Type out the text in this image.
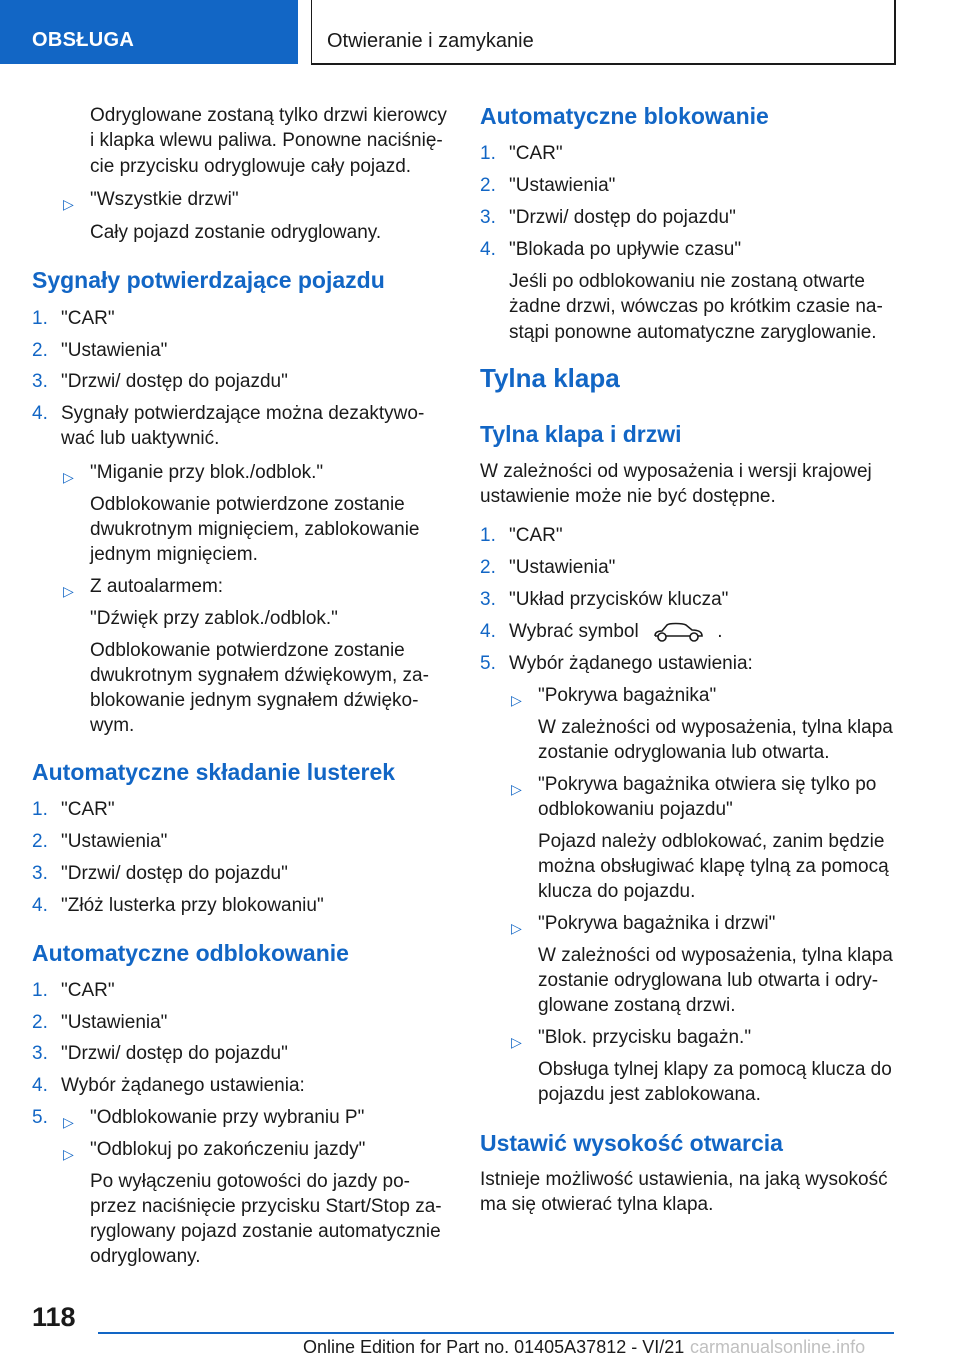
OBSŁUGA	Otwieranie i zamykanie
Odryglowane zostaną tylko drzwi kierowcy
i klapka wlewu paliwa. Ponowne naciśnię-
cie przycisku odryglowuje cały pojazd.
▷ "Wszystkie drzwi"
Cały pojazd zostanie odryglowany.
Sygnały potwierdzające pojazdu
1. "CAR"
2. "Ustawienia"
3. "Drzwi/ dostęp do pojazdu"
4. Sygnały potwierdzające można dezaktywo-
wać lub uaktywnić.
▷ "Miganie przy blok./odblok."
Odblokowanie potwierdzone zostanie
dwukrotnym mignięciem, zablokowanie
jednym mignięciem.
▷ Z autoalarmem:
"Dźwięk przy zablok./odblok."
Odblokowanie potwierdzone zostanie
dwukrotnym sygnałem dźwiękowym, za-
blokowanie jednym sygnałem dźwięko-
wym.
Automatyczne składanie lusterek
1. "CAR"
2. "Ustawienia"
3. "Drzwi/ dostęp do pojazdu"
4. "Złóż lusterka przy blokowaniu"
Automatyczne odblokowanie
1. "CAR"
2. "Ustawienia"
3. "Drzwi/ dostęp do pojazdu"
4. Wybór żądanego ustawienia:
5. ▷ "Odblokowanie przy wybraniu P"
▷ "Odblokuj po zakończeniu jazdy"
Po wyłączeniu gotowości do jazdy po-
przez naciśnięcie przycisku Start/Stop za-
ryglowany pojazd zostanie automatycznie
odryglowany.
Automatyczne blokowanie
1. "CAR"
2. "Ustawienia"
3. "Drzwi/ dostęp do pojazdu"
4. "Blokada po upływie czasu"
Jeśli po odblokowaniu nie zostaną otwarte
żadne drzwi, wówczas po krótkim czasie na-
stąpi ponowne automatyczne zaryglowanie.
Tylna klapa
Tylna klapa i drzwi
W zależności od wyposażenia i wersji krajowej
ustawienie może nie być dostępne.
1. "CAR"
2. "Ustawienia"
3. "Układ przycisków klucza"
4. Wybrać symbol	.
5. Wybór żądanego ustawienia:
▷ "Pokrywa bagażnika"
W zależności od wyposażenia, tylna klapa
zostanie odryglowania lub otwarta.
▷ "Pokrywa bagażnika otwiera się tylko po
odblokowaniu pojazdu"
Pojazd należy odblokować, zanim będzie
można obsługiwać klapę tylną za pomocą
klucza do pojazdu.
▷ "Pokrywa bagażnika i drzwi"
W zależności od wyposażenia, tylna klapa
zostanie odryglowana lub otwarta i odry-
glowane zostaną drzwi.
▷ "Blok. przycisku bagażn."
Obsługa tylnej klapy za pomocą klucza do
pojazdu jest zablokowana.
Ustawić wysokość otwarcia
Istnieje możliwość ustawienia, na jaką wysokość
ma się otwierać tylna klapa.
118
Online Edition for Part no. 01405A37812 - VI/21 carmanualsonline.info
